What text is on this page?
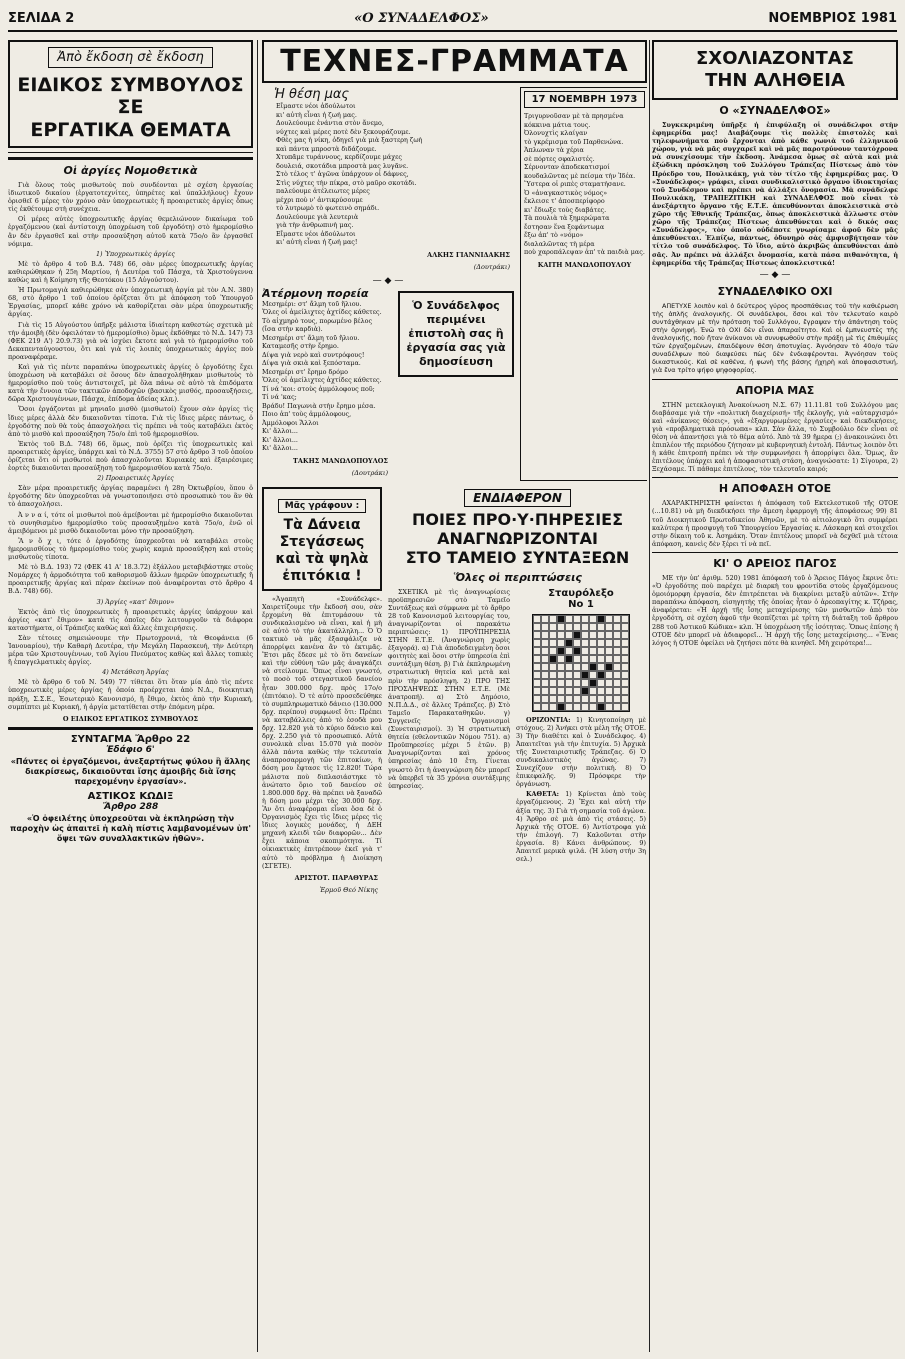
ΣΕΛΙΔΑ 2	«Ο ΣΥΝΑΔΕΛΦΟΣ»	ΝΟΕΜΒΡΙΟΣ 1981
Ἀπὸ ἔκδοση σὲ ἔκδοση
ΕΙΔΙΚΟΣ ΣΥΜΒΟΥΛΟΣ
ΣΕ
ΕΡΓΑΤΙΚΑ ΘΕΜΑΤΑ
Οἱ ἀργίες Νομοθετικὰ

Γιὰ ὅλους τοὺς μισθωτοὺς ποὺ συνδέονται μὲ σχέση ἐργασίας ἰδιωτικοῦ δικαίου (ἐργατοτεχνίτες, ὑπηρέτες καὶ ὑπαλλήλους) ἔχουν ὁρισθεῖ 6 μέρες τὸν χρόνο σὰν ὑποχρεωτικὲς ἢ προαιρετικὲς ἀργίες ὅπως τὶς ἐκθέτουμε στὴ συνέχεια.

Οἱ μέρες αὐτὲς ὑποχρεωτικῆς ἀργίας θεμελιώνουν δικαίωμα τοῦ ἐργαζόμενου (καὶ ἀντίστοιχη ὑποχρέωση τοῦ ἐργοδότη) στὸ ἡμερομίσθιο ἂν δὲν ἐργασθεῖ καὶ στὴν προσαύξηση αὐτοῦ κατὰ 75ο/ο ἂν ἐργασθεῖ νόμιμα.

1) Ὑποχρεωτικὲς ἀργίες

Μὲ τὸ ἄρθρο 4 τοῦ Β.Δ. 748) 66, σὰν μέρες ὑποχρεωτικῆς ἀργίας καθιερώθηκαν ἡ 25η Μαρτίου, ἡ Δευτέρα τοῦ Πάσχα, τὰ Χριστούγεννα καθὼς καὶ ἡ Κοίμηση τῆς Θεοτόκου (15 Αὐγούστου).

Ἡ Πρωτομαγιὰ καθιερώθηκε σὰν ὑποχρεωτικὴ ἀργία μὲ τὸν Α.Ν. 380) 68, στὸ ἄρθρο 1 τοῦ ὁποίου ὁρίζεται ὅτι μὲ ἀπόφαση τοῦ Ὑπουργοῦ Ἐργασίας, μπορεῖ κάθε χρόνο νὰ καθορίζεται σὰν μέρα ὑποχρεωτικῆς ἀργίας.

Γιὰ τὶς 15 Αὐγούστου ὑπῆρξε μάλιστα ἰδιαίτερη καθεστὼς σχετικὰ μὲ τὴν ἀμοιβὴ (δὲν ὀφειλόταν τὸ ἡμερομίσθιο) ὅμως ἐκδόθηκε τὸ Ν.Δ. 147) 73 (ΦΕΚ 219 Α') 20.9.73) γιὰ νὰ ἰσχύει ἔκτοτε καὶ γιὰ τὸ ἡμερομίσθιο τοῦ Δεκαπενταύγουστου, ὅτι καὶ γιὰ τὶς λοιπὲς ὑποχρεωτικὲς ἀργίες ποὺ προαναφέραμε.

Καὶ γιὰ τὶς πέντε παραπάνω ὑποχρεωτικὲς ἀργίες ὁ ἐργοδότης ἔχει ὑποχρέωση νὰ καταβάλει σὲ ὅσους δὲν ἀπασχολήθηκαν μισθωτοὺς τὸ ἡμερομίσθιο ποὺ τοὺς ἀντιστοιχεῖ, μὲ ὅλα πάνω σὲ αὐτὸ τὰ ἐπιδόματα κατὰ τὴν ἔννοια τῶν τακτικῶν ἀποδοχῶν (βασικὸς μισθός, προσαυξήσεις, δῶρα Χριστουγέννων, Πάσχα, ἐπίδομα ἀδείας κλπ.).

Ὅσοι ἐργάζονται μὲ μηνιαῖο μισθὸ (μισθωτοί) ἔχουν σὰν ἀργίες τὶς ἴδιες μέρες ἀλλὰ δὲν δικαιοῦνται τίποτα. Γιὰ τὶς ἴδιες μέρες πάντως, ὁ ἐργοδότης ποὺ θὰ τοὺς ἀπασχολήσει τὶς πρέπει νὰ τοὺς καταβάλει ἐκτὸς ἀπὸ τὸ μισθὸ καὶ προσαύξηση 75ο/ο ἐπὶ τοῦ ἡμερομισθίου.

Ἐκτὸς τοῦ Β.Δ. 748) 66, ὅμως, ποὺ ὁρίζει τὶς ὑποχρεωτικὲς καὶ προαιρετικὲς ἀργίες, ὑπάρχει καὶ τὸ Ν.Δ. 3755) 57 στὸ ἄρθρο 3 τοῦ ὁποίου ὁρίζεται ὅτι οἱ μισθωτοὶ ποὺ ἀπασχολοῦνται Κυριακὲς καὶ ἐξαιρέσιμες ἑορτὲς δικαιοῦνται προσαύξηση τοῦ ἡμερομισθίου κατὰ 75ο/ο.

2) Προαιρετικὲς Ἀργίες

Σὰν μέρα προαιρετικῆς ἀργίας παραμένει ἡ 28η Ὀκτωβρίου, ὅπου ὁ ἐργοδότης δὲν ὑποχρεοῦται νὰ γνωστοποιήσει στὸ προσωπικὸ του ἂν θὰ τὸ ἀπασχολήσει.

Ἀ ν ν α ί, τότε οἱ μισθωτοὶ ποὺ ἀμείβονται μὲ ἡμερομίσθιο δικαιοῦνται τὸ συνηθισμένο ἡμερομίσθιο τοὺς προσαυξημένο κατὰ 75ο/ο, ἐνῶ οἱ ἀμειβόμενοι μὲ μισθὸ δικαιοῦνται μόνο τὴν προσαύξηση.

Ἂ ν ὄ χ ι, τότε ὁ ἐργοδότης ὑποχρεοῦται νὰ καταβάλει στοὺς ἡμερομισθίους τὸ ἡμερομίσθιο τοὺς χωρὶς καμιὰ προσαύξηση καὶ στοὺς μισθωτοὺς τίποτα.

Μὲ τὸ Β.Δ. 193) 72 (ΦΕΚ 41 Α' 18.3.72) ἐξάλλου μεταβιβάστηκε στοὺς Νομάρχες ἡ ἁρμοδιότητα τοῦ καθορισμοῦ ἄλλων ἡμερῶν ὑποχρεωτικῆς ἢ προαιρετικῆς ἀργίας καὶ πέραν ἐκείνων ποὺ ἀναφέρονται στὸ ἄρθρο 4 Β.Δ. 748) 66).

3) Ἀργίες «κατ' ἔθιμον»

Ἐκτὸς ἀπὸ τὶς ὑποχρεωτικὲς ἢ προαιρετικὲς ἀργίες ὑπάρχουν καὶ ἀργίες «κατ' ἔθιμον» κατὰ τὶς ὁποῖες δὲν λειτουργοῦν τὰ διάφορα καταστήματα, οἱ Τράπεζες καθὼς καὶ ἄλλες ἐπιχειρήσεις.

Σὰν τέτοιες σημειώνουμε τὴν Πρωτοχρονιά, τὰ Θεοφάνεια (6 Ἰανουαρίου), τὴν Καθαρὴ Δευτέρα, τὴν Μεγάλη Παρασκευή, τὴν Δεύτερη μέρα τῶν Χριστουγέννων, τοῦ Ἁγίου Πνεύματος καθὼς καὶ ἄλλες τοπικὲς ἢ ἐπαγγελματικὲς ἀργίες.

4) Μετάθεση Ἀργίας

Μὲ τὸ ἄρθρο 6 τοῦ Ν. 549) 77 τίθεται ὅτι ὅταν μία ἀπὸ τὶς πέντε ὑποχρεωτικὲς μέρες ἀργίας ἡ ὁποία προέρχεται ἀπὸ Ν.Δ., διοικητικὴ πράξη, Σ.Σ.Ε., Ἐσωτερικὸ Κανονισμό, ἢ ἔθιμο, ἐκτὸς ἀπὸ τὴν Κυριακή, συμπίπτει μὲ Κυριακή, ἡ ἀργία μετατίθεται στὴν ἑπόμενη μέρα.

Ο ΕΙΔΙΚΟΣ ΕΡΓΑΤΙΚΟΣ ΣΥΜΒΟΥΛΟΣ
ΣΥΝΤΑΓΜΑ Ἄρθρο 22
Ἐδάφιο 6'
«Πάντες οἱ ἐργαζόμενοι, ἀνεξαρτήτως φύλου ἢ ἄλλης διακρίσεως, δικαιοῦνται ἴσης ἀμοιβῆς διὰ ἴσης παρεχομένην ἐργασίαν».
ΑΣΤΙΚΟΣ ΚΩΔΙΞ
Ἄρθρο 288
«Ὁ ὀφειλέτης ὑποχρεοῦται νὰ ἐκπληρώσῃ τὴν παροχὴν ὡς ἀπαιτεῖ ἡ καλὴ πίστις λαμβανομένων ὑπ' ὄψει τῶν συναλλακτικῶν ἠθῶν».
ΤΕΧΝΕΣ-ΓΡΑΜΜΑΤΑ
Ἡ θέση μας
Εἴμαστε νέοι ἀδούλωτοι
κι' αὐτὴ εἶναι ἡ ζωή μας.
Δουλεύουμε ἐνάντια στὸν ἄνεμο,
νύχτες καὶ μέρες ποτὲ δὲν ξεκουράζουμε.
Φθὲς μας ἡ νίκη, ὁδηγεῖ γιὰ μιὰ ξαστερη ζωὴ
καὶ πάντα μπροστὰ διδάζουμε.
Χτυπᾶμε τυράννους, κερδίζουμε μάχες
δουλειά, σκοτάδια μπροστὰ μας λυγᾶνε.
Στὸ τέλος τ' ἀγῶνα ὑπάρχουν οἱ δάφνες,
Στὶς νύχτες τὴν πίκρα, στὸ μαῦρο σκοτάδι.
παλεύουμε ἀτέλειωτες μέρες
μέχρι ποὺ ν' ἀντικρύσουμε
τὸ λυτρωμὸ τὸ φωτεινὸ σημάδι.
Δουλεύουμε γιὰ λευτεριὰ
γιὰ τὴν ἀνθρωπινὴ μας.
Εἴμαστε νέοι ἀδούλωτοι
κι' αὐτὴ εἶναι ἡ ζωή μας!
ΑΛΚΗΣ ΓΙΑΝΝΙΔΑΚΗΣ
(Δουτράκι)
— ◆ —
Ἀτέρμονη πορεία
Μεσημέρι: στ' ἄλμη τοῦ ἥλιου.
Ὅλες οἱ ἀμείλιχτες ἀχτίδες κάθετες.
Τὸ αἰχμηρὸ τους, πορωμένο βέλος
(ἴσα στὴν καρδιὰ).
Μεσημέρι στ' ἄλμη τοῦ ἥλιου.
Καταμεσῆς στὴν ἔρημο.
Δίψα γιὰ νερὸ καὶ συντρόφους!
Δίψα γιὰ σκιὰ καὶ ξεπόσταμα.
Μεσημέρι στ' ἔρημο δρόμο
Ὅλες οἱ ἀμείλιχτες ἀχτίδες κάθετες.
Τί νά 'κοι: στοὺς ἀμμόλοφους ποῦ;
Τί νά 'κας;
Βράδυ! Παγωνιὰ στὴν ἔρημο μέσα.
Ποιο ἀπ' τοὺς ἀμμόλοφους,
Ἀμμόλοφοι Ἄλλοι
Κι' ἄλλοι...
Κι' ἄλλοι...
Κι' ἄλλοι...
ΤΑΚΗΣ ΜΑΝΩΛΟΠΟΥΛΟΣ
(Δουτράκι)
Ὁ Συνάδελφος περιμένει ἐπιστολὴ σας ἢ ἐργασία σας γιὰ δημοσίευση
17 ΝΟΕΜΒΡΗ 1973
Τριγυρνοῦσαν μὲ τὰ πρησμένα
κόκκινα μάτια τους.
Ὀλονυχτὶς κλαίγαν
τὸ γκρέμισμα τοῦ Παρθενώνα.
Ἁπλωναν τὰ χέρια
σὲ πόρτες σφαλιστές.
Σέρνονταν ἀποδεκατισμοί
κουδαλῶντας μὲ πείσμα τὴν Ἰδέα.
Ὕστερα οἱ ριπὲς σταματήσανε.
Ὁ «ἀναγκαστικὸς νόμος»
ἔκλεισε τ' ἀποσπερίφορο
κι' ἔδιωξε τοὺς διαβάτες.
Τὰ πουλιὰ τὰ ξημερώματα
ἔστησαν ἕνα ξεφάντωμα
ἔξω ἀπ' τὸ «νόμο»
διαλαλῶντας τὴ μέρα
ποὺ χαροπάλεψαν ἀπ' τὰ παιδιὰ μας.
ΚΑΙΤΗ ΜΑΝΩΛΟΠΟΥΛΟΥ
Μᾶς γράφουν :
Τὰ Δάνεια Στεγάσεως καὶ τὰ ψηλὰ ἐπιτόκια !

«Ἀγαπητὴ «Συνάδελφε». Χαιρετίζουμε τὴν ἔκδοσή σου, σὰν ἔρχομένη θὰ ἐπιτυμάσουν τὰ συνδικαλισμένο νὰ εἶναι, καὶ ἡ μὴ σὲ αὐτὸ τὸ τὴν ἀκατάλληλη... Ὁ Ὁ τακτικὸ νὰ μᾶς ἐξασφάλιζα νὰ ἀπορρίψει κανένα ἂν τὸ ἐκτιμᾶς. Ἔτσι μᾶς ἔδεσε μὲ τὸ ὅτι δανείων καὶ τὴν εὐθύνη τῶν μᾶς ἀναγκάζει νὰ στείλουμε. Ὅπως εἶναι γνωστό, τὸ ποσὸ τοῦ στεγαστικοῦ δανείου ἦταν 300.000 δρχ. πρὸς 17ο/ο (ἐπιτόκιο). Ὁ τὲ αὐτὸ προσεδεύθηκε τὸ συμπληρωματικὸ δάνειο (130.000 δρχ. περίπου) συμφωνεῖ ὅτι: Πρέπει νὰ καταβάλλεις ἀπὸ τὸ ἐσοδὰ μου δρχ. 12.820 γιὰ τὸ κύριο δάνειο καὶ δρχ. 2.250 γιὰ τὸ προσωπικό. Αὐτὰ συνολικὰ εἶναι 15.070 γιὰ ποσὸν ἀλλὰ πάντα καθὼς τὴν τελευταία ἀναπροσαρμογὴ τῶν ἐπιτοκίων, ἡ δόση μου ἔφτασε τὶς 12.820! Τώρα μάλιστα ποὺ διπλασιάστηκε τὸ ἀνώτατο ὅριο τοῦ δανείου σὲ 1.800.000 δρχ. θὰ πρέπει νὰ ξαναδῶ ἡ δόση μου μέχρι τὰς 30.000 δρχ. Ἂν ὅτι ἀναφέρομαι εἶναι ὅσα δὲ ὁ Ὀργανισμὸς ἔχει τὶς ἴδιες μέρες τὶς ἴδιες λογικὲς μονάδες, ἡ ΔΕΗ μηχανὴ κλειδὶ τῶν διαφορῶν... Δὲν ἔχει κάποια σκοπιμότητα. Τί οἰκιακτικὲς ἐπιτρέπουν ἐκεῖ γιὰ τ' αὐτὸ τὸ πρόβλημα ἡ Διοίκηση (ΣΓΕΤΕ).

ΑΡΙΣΤΟΤ. ΠΑΡΑΘΥΡΑΣ
Ἑρμοῦ Θεό Νίκης
ΕΝΔΙΑΦΕΡΟΝ
ΠΟΙΕΣ ΠΡΟ·Υ·ΠΗΡΕΣΙΕΣ
ΑΝΑΓΝΩΡΙΖΟΝΤΑΙ
ΣΤΟ ΤΑΜΕΙΟ ΣΥΝΤΑΞΕΩΝ
Ὅλες οἱ περιπτώσεις

ΣΧΕΤΙΚΑ μὲ τὶς ἀναγνωρίσεις προϋπηρεσιῶν στὸ Ταμεῖο Συντάξεως καὶ σύμφωνα μὲ τὸ ἄρθρο 28 τοῦ Κανονισμοῦ λειτουργίας του, ἀναγνωρίζονται οἱ παρακάτω περιπτώσεις: 1) ΠΡΟΫΠΗΡΕΣΙΑ ΣΤΗΝ Ε.Τ.Ε. (Ἀναγνώριση χωρὶς ἐξαγορά). α) Γιὰ ἀποδεδειγμένη ὅσοι φοιτητὲς καὶ ὅσοι στὴν ὑπηρεσία ἐπὶ συντάξιμη θέση. β) Γιὰ ἐκπληρωμένη στρατιωτικὴ θητεία καὶ μετὰ καὶ πρὶν τὴν πρόσληψη. 2) ΠΡΟ ΤΗΣ ΠΡΟΣΛΗΨΕΩΣ ΣΤΗΝ Ε.Τ.Ε. (Μὲ ἀνατροπή). α) Στὸ Δημόσιο, Ν.Π.Δ.Δ., σὲ ἄλλες Τράπεζες. β) Στὸ Ταμεῖο Παρακαταθηκῶν. γ) Συγγενεῖς Ὀργανισμοὶ (Συνεταιρισμοί). 3) Ἡ στρατιωτικὴ θητεία (εθελοντικῶν Νόμου 751). α) Προϋπηρεσίες μέχρι 5 ἐτῶν. β) Ἀναγνωρίζονται καὶ χρόνος ὑπηρεσίας ἀπὸ 10 ἔτη. Γίνεται γνωστὸ ὅτι ἡ ἀναγνώριση δὲν μπορεῖ νὰ ὑπερβεῖ τὰ 35 χρόνια συντάξιμης ὑπηρεσίας.

Σταυρόλεξο
Νο 1

ΟΡΙΖΟΝΤΙΑ: 1) Κινητοποίηση μὲ στόχους. 2) Ἀνήκει στὰ μέλη τῆς ΟΤΟΕ. 3) Τὴν διαθέτει καὶ ὁ Συνάδελφος. 4) Ἀπαιτεῖται γιὰ τὴν ἐπιτυχία. 5) Ἀρχικὰ τῆς Συνεταιριστικῆς Τράπεζας. 6) Ὁ συνδικαλιστικὸς ἀγώνας. 7) Συνεχίζουν στὴν πολιτικὴ. 8) Ὁ ἐπικεφαλῆς. 9) Πρόσφερε τὴν ὀργάνωση.

ΚΑΘΕΤΑ: 1) Κρίνεται ἀπὸ τοὺς ἐργαζόμενους. 2) Ἔχει καὶ αὐτὴ τὴν ἀξία της. 3) Γιὰ τὴ σημασία τοῦ ἀγώνα. 4) Ἄρθρο σὲ μιὰ ἀπὸ τὶς στάσεις. 5) Ἀρχικὰ τῆς ΟΤΟΕ. 6) Ἀντίστροφα γιὰ τὴν ἐπιλογή. 7) Καλοῦνται στὴν ἐργασία. 8) Κάνει ἀνθρώπους. 9) Ἀπαιτεῖ μερικὰ ψιλά. (Ἡ λύση στὴν 3η σελ.)

ΣΧΟΛΙΑΖΟΝΤΑΣ
ΤΗΝ ΑΛΗΘΕΙΑ
Ο «ΣΥΝΑΔΕΛΦΟΣ»

Συγκεκριμένη ὑπῆρξε ἡ ἐπιφύλαξη οἱ συνάδελφοι στὴν ἐφημερίδα μας! Διαβάζουμε τὶς πολλὲς ἐπιστολὲς καὶ τηλεφωνήματα ποὺ ἔρχονται ἀπὸ κάθε γωνιὰ τοῦ ἑλληνικοῦ χώρου, γιὰ νὰ μᾶς συγχαρεῖ καὶ νὰ μᾶς παροτρύνουν ταυτόχρονα νὰ συνεχίσουμε τὴν ἔκδοση. Ἀνάμεσα ὅμως σὲ αὐτὰ καὶ μιὰ ἐξώδικη πρόσκληση τοῦ Συλλόγου Τράπεζας Πίστεως ἀπὸ τὸν Πρόεδρο του, Πουλικάκη, γιὰ τὸν τίτλο τῆς ἐφημερίδας μας. Ὁ «Συνάδελφος» γράφει, εἶναι συνδικαλιστικὸ ὄργανο ἰδιοκτησίας τοῦ Συνδέσμου καὶ πρέπει νὰ ἀλλάξει ὄνομασία. Μὰ συνάδελφε Πουλικάκη, ΤΡΑΠΕΖΙΤΙΚΗ καὶ ΣΥΝΑΔΕΛΦΟΣ ποὺ εἶναι τὸ ἀνεξάρτητο ὄργανο τῆς Ε.Τ.Ε. ἀπευθύνονται ἀποκλειστικὰ στὸ χῶρο τῆς Ἐθνικῆς Τράπεζας, ὅπως ἀποκλειστικὰ ἄλλωστε στὸν χῶρο τῆς Τράπεζας Πίστεως ἀπευθύνεται καὶ ὁ δικός σας «Συνάδελφος», τὸν ὁποῖο οὐδέποτε γνωρίσαμε ἀφοῦ δὲν μᾶς ἀπευθύνεται. Ἐλπίζω, πάντως, ὀδυνηρὸ σὰς ἀμφισβήτησαν τὸν τίτλο τοῦ συνάδελφος. Τὸ ἴδιο, αὐτὸ ἀκριβῶς ἀπευθύνεται ἀπὸ σᾶς. Ἀν πρέπει νὰ ἀλλάξει ὄνομασία, κατὰ πάσα πιθανότητα, ἡ ἐφημερίδα τῆς Τράπεζας Πίστεως ἀποκλειστικά!

— ◆ —
ΣΥΝΑΔΕΛΦΙΚΟ ΟΧΙ

ΑΠΕΤΥΧΕ λοιπὸν καὶ ὁ δεύτερος γύρος προσπάθειας τοῦ τὴν καθιέρωση τὴς ἁπλῆς ἀναλογικῆς. Οἱ συνάδελφοι, ὅσοι καὶ τὸν τελευταίο καιρὸ συντάχθηκαν μὲ τὴν πρόταση τοῦ Συλλόγου, ἔγραψαν τὴν ἀπάντηση τοὺς στὴν ὀρνηφή. Ἐνῶ τὸ ΟΧΙ δὲν εἶναι ἀπαραίτητο. Καὶ οἱ ἐμπνευστὲς τῆς ἀναλογικῆς, ποὺ ἤταν ἀνίκανοι νὰ συνυφωθοῦν στὴν πράξη μὲ τὶς ἐπιθυμίες τῶν ἐργαζομένων, ἐπαιδέψουν θέση ἀποτυχίας. Ἀγνόησαν τὸ 40ο/ο τῶν συναδέλφων ποὺ διαψεύσει πὼς δὲν ἐνδιαφέρονται. Ἀγνόησαν τοὺς δικαστικούς. Καὶ σὲ καθένα, ἡ φωνὴ τῆς βάσης ἠχηρὴ καὶ ἀποφασιστική, γιὰ ἕνα τρίτο ψήφο ψηφοφορίας.

ΑΠΟΡΙΑ ΜΑΣ

ΣΤΗΝ μετεκλογικὴ Ἀνακοίνωση Ν.Σ. 67) 11.11.81 τοῦ Συλλόγου μας διαβάσαμε γιὰ τὴν «πολιτικὴ διαχείρισή» τῆς ἐκλογῆς, γιὰ «αὐταρχισμό» καὶ «ἀνίκανες θέσεις», γιὰ «ἐξαργυρωμένες ἐργασίες» καὶ διεκδικήσεις, γιὰ «προβληματικὰ πρόσωπα» κλπ. Σὰν ἄλλα, τὸ Συμβούλιο δὲν εἶναι σὲ θέση νὰ ἀπαντήσει γιὰ τὸ θέμα αὐτό. Ἀπὸ τὰ 39 ἤμερα (;) ἀνακοινώνει ὅτι ἐπιπλέον τῆς περιόδου ζήτησαν μὲ κυβερνητικὴ ἐντολή. Πάντως λοιπὸν ὅτι ἡ κάθε ἐπιτροπὴ πρέπει νὰ τὴν συμφωνήσει ἢ ἀπορρίψει ὅλα. Ὅμως, ἂν ἐπιτέλους ὑπάρχει καὶ ἡ ἀποφασιστικὴ στάση, ἀναγνώσατε: 1) Σίγουρα, 2) Ξεχάσαμε. Τί πάθαμε ἐπιτέλους, τὸν τελευταῖο καιρό;

Η ΑΠΟΦΑΣΗ ΟΤΟΕ

ΑΧΑΡΑΚΤΗΡΙΣΤΗ φαίνεται ἡ ἀπόφαση τοῦ Εκτελεστικοῦ τῆς ΟΤΟΕ (...10.81) νὰ μὴ διεκδικήσει τὴν ἄμεση ἐφαρμογὴ τῆς ἀποφάσεως 99) 81 τοῦ Διοικητικοῦ Πρωτοδικείου Ἀθηνῶν, μὲ τὸ αἰτιολογικὸ ὅτι συμφέρει καλύτερα ἡ προσφυγὴ τοῦ Ὑπουργείου Ἐργασίας κ. Λάσκαρη καὶ στοιχεῖοι στὴν δίκαιη τοῦ κ. Ἀσημάκη. Ὅταν ἐπιτέλους μπορεῖ νὰ δεχθεῖ μιὰ τέτοια ἀπόφαση, κανεὶς δὲν ξέρει τί νὰ πεῖ.

ΚΙ' Ο ΑΡΕΙΟΣ ΠΑΓΟΣ

ΜΕ τὴν ὑπ' ἀριθμ. 520) 1981 ἀπόφασή τοῦ ὁ Ἄρειος Πάγος ἔκρινε ὅτι: «Ὁ ἐργοδότης ποὺ παρέχει μὲ διαρκὴ του φροντίδα στοὺς ἐργαζόμενους ὁμοιόμορφη ἐργασία, δὲν ἐπιτρέπεται νὰ διακρίνει μεταξὺ αὐτῶν». Στὴν παραπάνω ἀπόφαση, εἰσηγητὴς τῆς ὁποίας ἦταν ὁ ἀρεοπαγίτης κ. Τζήρας, ἀναφέρεται: «Ἡ ἀρχὴ τῆς ἴσης μεταχείρισης τῶν μισθωτῶν ἀπὸ τὸν ἐργοδότη, σὲ σχέση ἀφοῦ τὴν θεσπίζεται μὲ τρίτη τὴ διάταξη τοῦ ἄρθρου 288 τοῦ Ἀστικοῦ Κώδικα» κλπ. Ἡ ὑποχρέωση τῆς ἰσότητας. Ὅπως ἐπίσης ἡ ΟΤΟΕ δὲν μπορεῖ νὰ ἀδιαφορεῖ... Ἡ ἀρχὴ τῆς ἴσης μεταχείρισης... «Ἕνας λόγος ἡ ΟΤΟΕ ὀφείλει νὰ ζητήσει πότε θὰ κινηθεῖ. Μὴ χειρότερα!...
